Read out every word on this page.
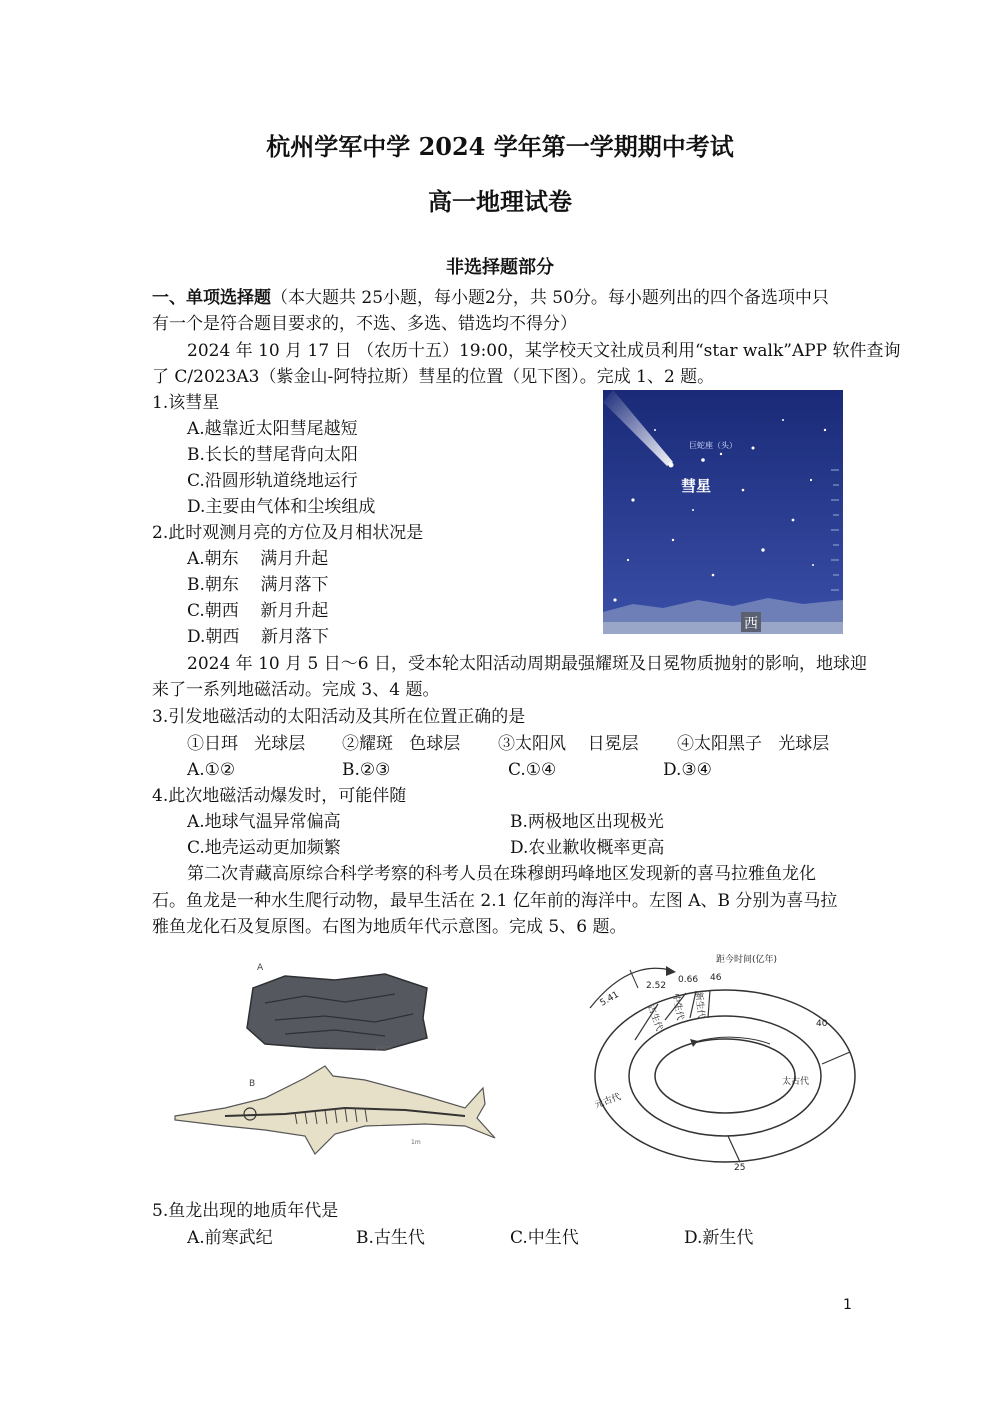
杭州学军中学 2024 学年第一学期期中考试
高一地理试卷
非选择题部分
一、单项选择题（本大题共 25小题，每小题2分，共 50分。每小题列出的四个备选项中只
有一个是符合题目要求的，不选、多选、错选均不得分）
2024 年 10 月 17 日 （农历十五）19:00，某学校天文社成员利用“star walk”APP 软件查询
了 C/2023A3（紫金山-阿特拉斯）彗星的位置（见下图）。完成 1、2 题。
1.该彗星
A.越靠近太阳彗尾越短
B.长长的彗尾背向太阳
C.沿圆形轨道绕地运行
D.主要由气体和尘埃组成
2.此时观测月亮的方位及月相状况是
A.朝东    满月升起
B.朝东    满月落下
C.朝西    新月升起
D.朝西    新月落下
巨蛇座（头）
彗星
西
2024 年 10 月 5 日～6 日，受本轮太阳活动周期最强耀斑及日冕物质抛射的影响，地球迎
来了一系列地磁活动。完成 3、4 题。
3.引发地磁活动的太阳活动及其所在位置正确的是
①日珥   光球层 ②耀斑   色球层 ③太阳风    日冕层 ④太阳黑子   光球层
A.①②	B.②③	C.①④	D.③④
4.此次地磁活动爆发时，可能伴随
A.地球气温异常偏高	B.两极地区出现极光
C.地壳运动更加频繁	D.农业歉收概率更高
第二次青藏高原综合科学考察的科考人员在珠穆朗玛峰地区发现新的喜马拉雅鱼龙化
石。鱼龙是一种水生爬行动物，最早生活在 2.1 亿年前的海洋中。左图 A、B 分别为喜马拉
雅鱼龙化石及复原图。右图为地质年代示意图。完成 5、6 题。
A
10cm
B
1m
距今时间(亿年)
5.41
2.52
0.66 46
40
25
古生代 中生代 新生代
元古代
太古代
5.鱼龙出现的地质年代是
A.前寒武纪	B.古生代	C.中生代	D.新生代
1
